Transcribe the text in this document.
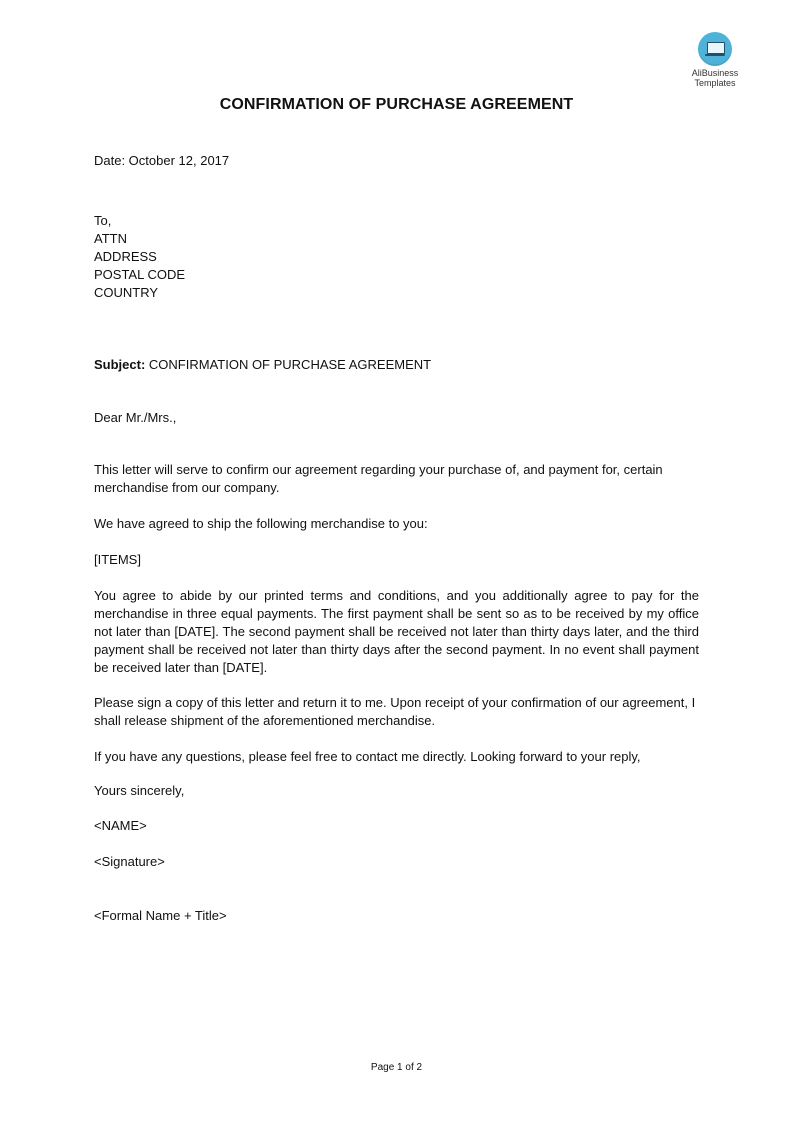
AliBusiness
Templates
CONFIRMATION OF PURCHASE AGREEMENT
Date: October 12, 2017
To,
ATTN
ADDRESS
POSTAL CODE
COUNTRY
Subject: CONFIRMATION OF PURCHASE AGREEMENT
Dear Mr./Mrs.,
This letter will serve to confirm our agreement regarding your purchase of, and payment for, certain merchandise from our company.
We have agreed to ship the following merchandise to you:
[ITEMS]
You agree to abide by our printed terms and conditions, and you additionally agree to pay for the merchandise in three equal payments. The first payment shall be sent so as to be received by my office not later than [DATE]. The second payment shall be received not later than thirty days later, and the third payment shall be received not later than thirty days after the second payment. In no event shall payment be received later than [DATE].
Please sign a copy of this letter and return it to me. Upon receipt of your confirmation of our agreement, I shall release shipment of the aforementioned merchandise.
If you have any questions, please feel free to contact me directly. Looking forward to your reply,
Yours sincerely,
<NAME>
<Signature>
<Formal Name + Title>
Page 1 of 2
